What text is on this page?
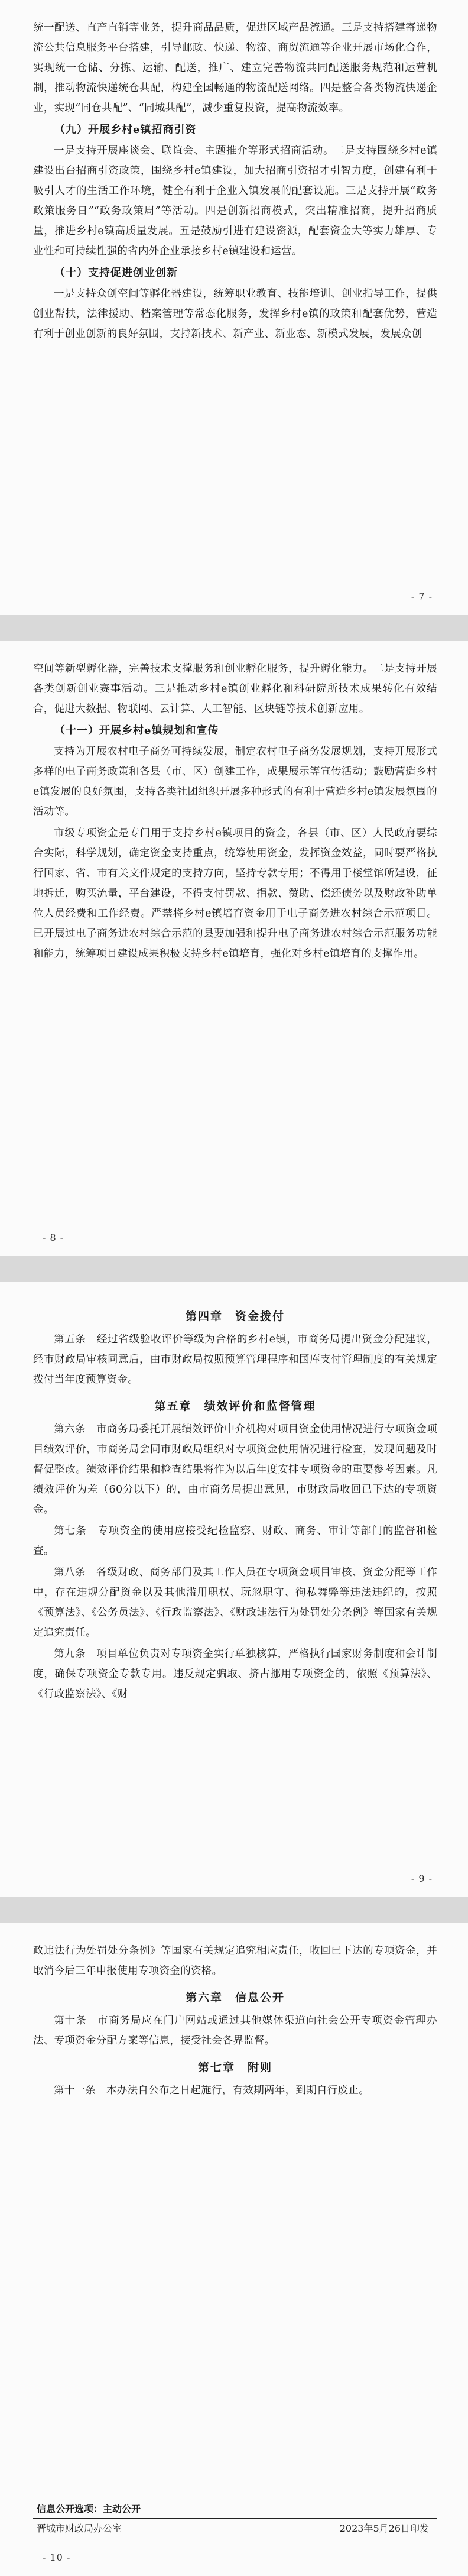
统一配送、直产直销等业务，提升商品品质，促进区域产品流通。三是支持搭建寄递物流公共信息服务平台搭建，引导邮政、快递、物流、商贸流通等企业开展市场化合作，实现统一仓储、分拣、运输、配送，推广、建立完善物流共同配送服务规范和运营机制，推动物流快递统仓共配，构建全国畅通的物流配送网络。四是整合各类物流快递企业，实现“同仓共配”、“同城共配”，减少重复投资，提高物流效率。

（九）开展乡村e镇招商引资

一是支持开展座谈会、联谊会、主题推介等形式招商活动。二是支持围绕乡村e镇建设出台招商引资政策，围绕乡村e镇建设，加大招商引资招才引智力度，创建有利于吸引人才的生活工作环境，健全有利于企业入镇发展的配套设施。三是支持开展“政务政策服务日”“政务政策周”等活动。四是创新招商模式，突出精准招商，提升招商质量，推进乡村e镇高质量发展。五是鼓励引进有建设资源，配套资金大等实力雄厚、专业性和可持续性强的省内外企业承接乡村e镇建设和运营。

（十）支持促进创业创新

一是支持众创空间等孵化器建设，统筹职业教育、技能培训、创业指导工作，提供创业帮扶，法律援助、档案管理等常态化服务，发挥乡村e镇的政策和配套优势，营造有利于创业创新的良好氛围，支持新技术、新产业、新业态、新模式发展，发展众创

- 7 -

空间等新型孵化器，完善技术支撑服务和创业孵化服务，提升孵化能力。二是支持开展各类创新创业赛事活动。三是推动乡村e镇创业孵化和科研院所技术成果转化有效结合，促进大数据、物联网、云计算、人工智能、区块链等技术创新应用。

（十一）开展乡村e镇规划和宣传

支持为开展农村电子商务可持续发展，制定农村电子商务发展规划，支持开展形式多样的电子商务政策和各县（市、区）创建工作，成果展示等宣传活动；鼓励营造乡村e镇发展的良好氛围，支持各类社团组织开展多种形式的有利于营造乡村e镇发展氛围的活动等。

市级专项资金是专门用于支持乡村e镇项目的资金，各县（市、区）人民政府要综合实际，科学规划，确定资金支持重点，统筹使用资金，发挥资金效益，同时要严格执行国家、省、市有关文件规定的支持方向，坚持专款专用；不得用于楼堂馆所建设，征地拆迁，购买流量，平台建设，不得支付罚款、捐款、赞助、偿还债务以及财政补助单位人员经费和工作经费。严禁将乡村e镇培育资金用于电子商务进农村综合示范项目。已开展过电子商务进农村综合示范的县要加强和提升电子商务进农村综合示范服务功能和能力，统筹项目建设成果积极支持乡村e镇培育，强化对乡村e镇培育的支撑作用。

- 8 -
第四章　资金拨付

第五条　经过省级验收评价等级为合格的乡村e镇，市商务局提出资金分配建议，经市财政局审核同意后，由市财政局按照预算管理程序和国库支付管理制度的有关规定拨付当年度预算资金。

第五章　绩效评价和监督管理

第六条　市商务局委托开展绩效评价中介机构对项目资金使用情况进行专项资金项目绩效评价，市商务局会同市财政局组织对专项资金使用情况进行检查，发现问题及时督促整改。绩效评价结果和检查结果将作为以后年度安排专项资金的重要参考因素。凡绩效评价为差（60分以下）的，由市商务局提出意见，市财政局收回已下达的专项资金。

第七条　专项资金的使用应接受纪检监察、财政、商务、审计等部门的监督和检查。

第八条　各级财政、商务部门及其工作人员在专项资金项目审核、资金分配等工作中，存在违规分配资金以及其他滥用职权、玩忽职守、徇私舞弊等违法违纪的，按照《预算法》、《公务员法》、《行政监察法》、《财政违法行为处罚处分条例》等国家有关规定追究责任。

第九条　项目单位负责对专项资金实行单独核算，严格执行国家财务制度和会计制度，确保专项资金专款专用。违反规定骗取、挤占挪用专项资金的，依照《预算法》、《行政监察法》、《财

- 9 -

政违法行为处罚处分条例》等国家有关规定追究相应责任，收回已下达的专项资金，并取消今后三年申报使用专项资金的资格。

第六章　信息公开

第十条　市商务局应在门户网站或通过其他媒体渠道向社会公开专项资金管理办法、专项资金分配方案等信息，接受社会各界监督。

第七章　附则

第十一条　本办法自公布之日起施行，有效期两年，到期自行废止。

信息公开选项：主动公开
晋城市财政局办公室	2023年5月26日印发
- 10 -
